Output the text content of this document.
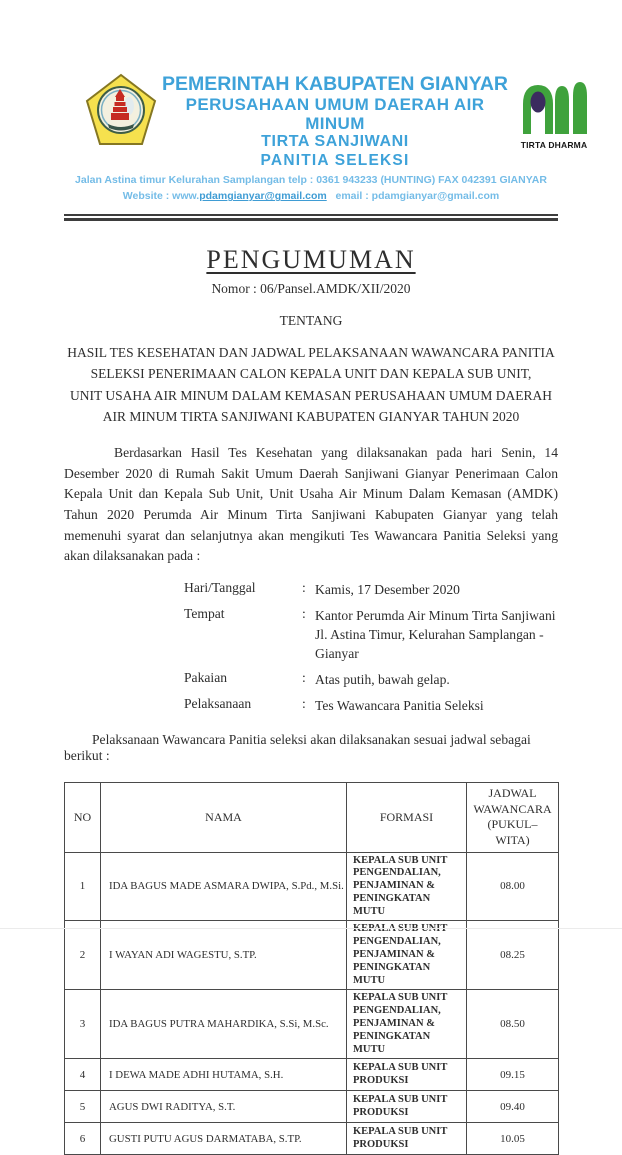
PEMERINTAH KABUPATEN GIANYAR
PERUSAHAAN UMUM DAERAH AIR MINUM
TIRTA SANJIWANI
PANITIA SELEKSI
TIRTA DHARMA
Jalan Astina timur Kelurahan Samplangan telp : 0361 943233 (HUNTING) FAX 042391 GIANYAR
Website : www.pdamgianyar@gmail.com email : pdamgianyar@gmail.com
PENGUMUMAN
Nomor : 06/Pansel.AMDK/XII/2020
TENTANG
HASIL TES KESEHATAN DAN JADWAL PELAKSANAAN WAWANCARA PANITIA
SELEKSI PENERIMAAN CALON KEPALA UNIT DAN KEPALA SUB UNIT,
UNIT USAHA AIR MINUM DALAM KEMASAN PERUSAHAAN UMUM DAERAH
AIR MINUM TIRTA SANJIWANI KABUPATEN GIANYAR TAHUN 2020
Berdasarkan Hasil Tes Kesehatan yang dilaksanakan pada hari Senin, 14 Desember 2020 di Rumah Sakit Umum Daerah Sanjiwani Gianyar Penerimaan Calon Kepala Unit dan Kepala Sub Unit, Unit Usaha Air Minum Dalam Kemasan (AMDK) Tahun 2020 Perumda Air Minum Tirta Sanjiwani Kabupaten Gianyar yang telah memenuhi syarat dan selanjutnya akan mengikuti Tes Wawancara Panitia Seleksi yang akan dilaksanakan pada :
Hari/Tanggal	: Kamis, 17 Desember 2020
Tempat	: Kantor Perumda Air Minum Tirta Sanjiwani
Jl. Astina Timur, Kelurahan Samplangan - Gianyar
Pakaian	: Atas putih, bawah gelap.
Pelaksanaan	: Tes Wawancara Panitia Seleksi
Pelaksanaan Wawancara Panitia seleksi akan dilaksanakan sesuai jadwal sebagai berikut :
NO	NAMA	FORMASI	JADWAL WAWANCARA (PUKUL–WITA)
1	IDA BAGUS MADE ASMARA DWIPA, S.Pd., M.Si.	KEPALA SUB UNIT PENGENDALIAN, PENJAMINAN & PENINGKATAN MUTU	08.00
2	I WAYAN ADI WAGESTU, S.TP.	KEPALA SUB UNIT PENGENDALIAN, PENJAMINAN & PENINGKATAN MUTU	08.25
3	IDA BAGUS PUTRA MAHARDIKA, S.Si, M.Sc.	KEPALA SUB UNIT PENGENDALIAN, PENJAMINAN & PENINGKATAN MUTU	08.50
4	I DEWA MADE ADHI HUTAMA, S.H.	KEPALA SUB UNIT PRODUKSI	09.15
5	AGUS DWI RADITYA, S.T.	KEPALA SUB UNIT PRODUKSI	09.40
6	GUSTI PUTU AGUS DARMATABA, S.TP.	KEPALA SUB UNIT PRODUKSI	10.05
